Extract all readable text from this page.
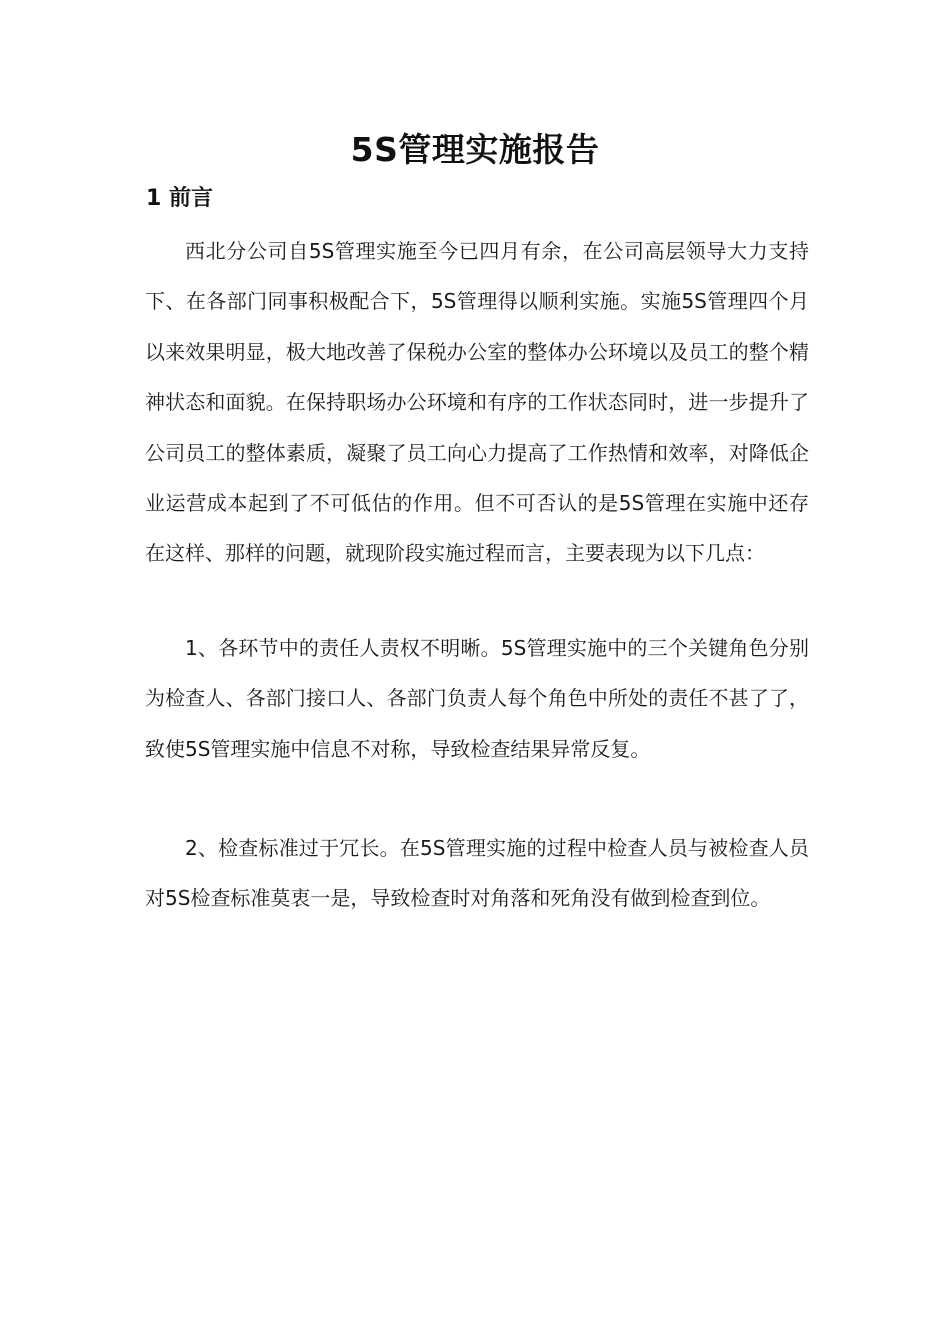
5S管理实施报告
1 前言

西北分公司自5S管理实施至今已四月有余，在公司高层领导大力支持下、在各部门同事积极配合下，5S管理得以顺利实施。实施5S管理四个月以来效果明显，极大地改善了保税办公室的整体办公环境以及员工的整个精神状态和面貌。在保持职场办公环境和有序的工作状态同时，进一步提升了公司员工的整体素质，凝聚了员工向心力提高了工作热情和效率，对降低企业运营成本起到了不可低估的作用。但不可否认的是5S管理在实施中还存在这样、那样的问题，就现阶段实施过程而言，主要表现为以下几点：

1、各环节中的责任人责权不明晰。5S管理实施中的三个关键角色分别为检查人、各部门接口人、各部门负责人每个角色中所处的责任不甚了了，致使5S管理实施中信息不对称，导致检查结果异常反复。

2、检查标准过于冗长。在5S管理实施的过程中检查人员与被检查人员对5S检查标准莫衷一是，导致检查时对角落和死角没有做到检查到位。
